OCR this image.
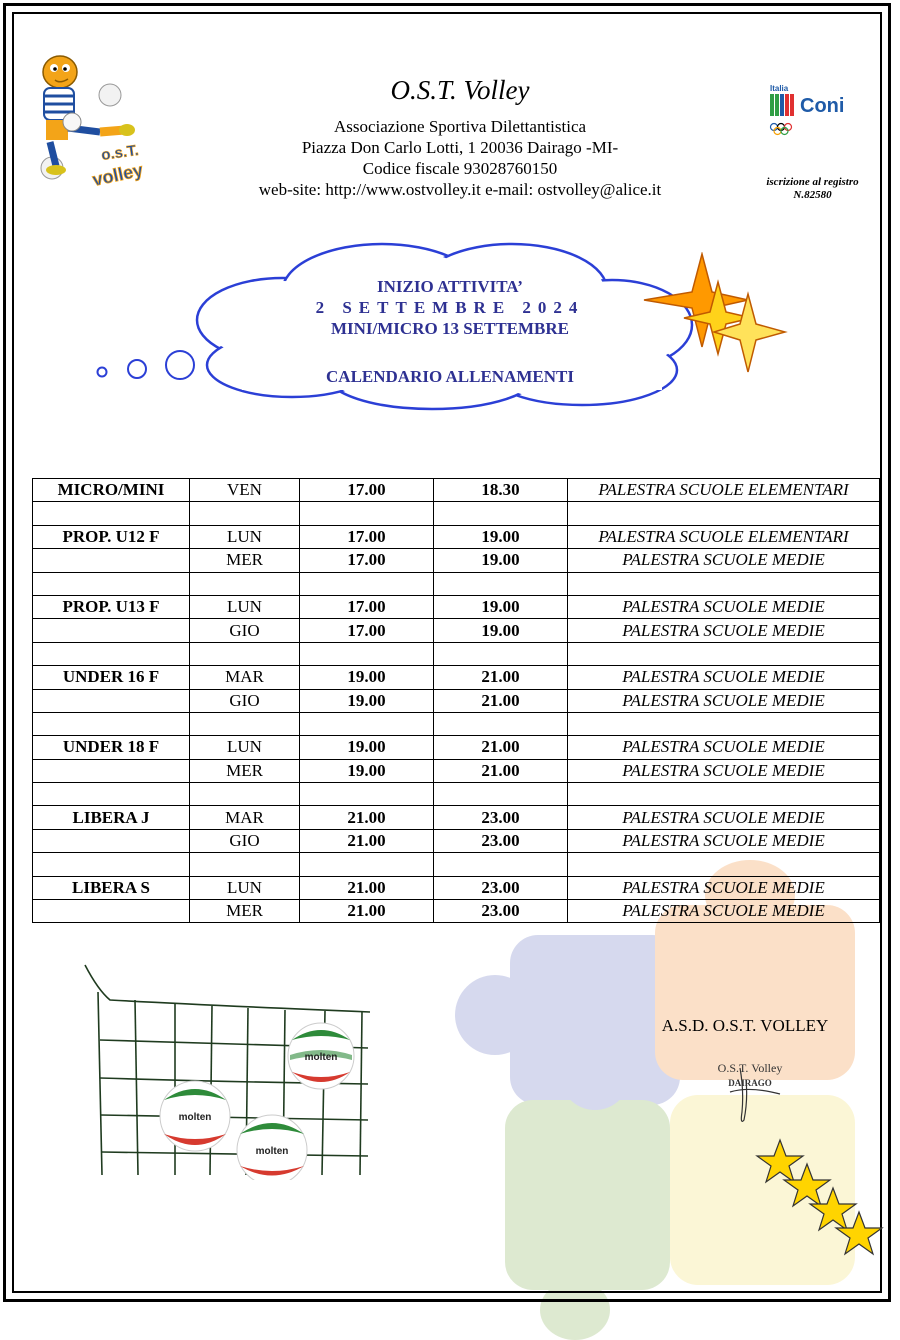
o.s.T.
volley
O.S.T. Volley
Associazione Sportiva Dilettantistica
Piazza Don Carlo Lotti, 1 20036 Dairago -MI-
Codice fiscale 93028760150
web-site: http://www.ostvolley.it e-mail: ostvolley@alice.it
Italia
Coni
iscrizione al registro
N.82580
INIZIO ATTIVITA’
2 SETTEMBRE 2024
MINI/MICRO 13 SETTEMBRE
CALENDARIO ALLENAMENTI
MICRO/MINI	VEN	17.00	18.30	PALESTRA SCUOLE ELEMENTARI

PROP. U12 F	LUN	17.00	19.00	PALESTRA SCUOLE ELEMENTARI
	MER	17.00	19.00	PALESTRA SCUOLE MEDIE

PROP. U13 F	LUN	17.00	19.00	PALESTRA SCUOLE MEDIE
	GIO	17.00	19.00	PALESTRA SCUOLE MEDIE

UNDER 16 F	MAR	19.00	21.00	PALESTRA SCUOLE MEDIE
	GIO	19.00	21.00	PALESTRA SCUOLE MEDIE

UNDER 18 F	LUN	19.00	21.00	PALESTRA SCUOLE MEDIE
	MER	19.00	21.00	PALESTRA SCUOLE MEDIE

LIBERA J	MAR	21.00	23.00	PALESTRA SCUOLE MEDIE
	GIO	21.00	23.00	PALESTRA SCUOLE MEDIE

LIBERA S	LUN	21.00	23.00	PALESTRA SCUOLE MEDIE
	MER	21.00	23.00	PALESTRA SCUOLE MEDIE
molten
molten
molten
A.S.D. O.S.T. VOLLEY
O.S.T. Volley
DAIRAGO
